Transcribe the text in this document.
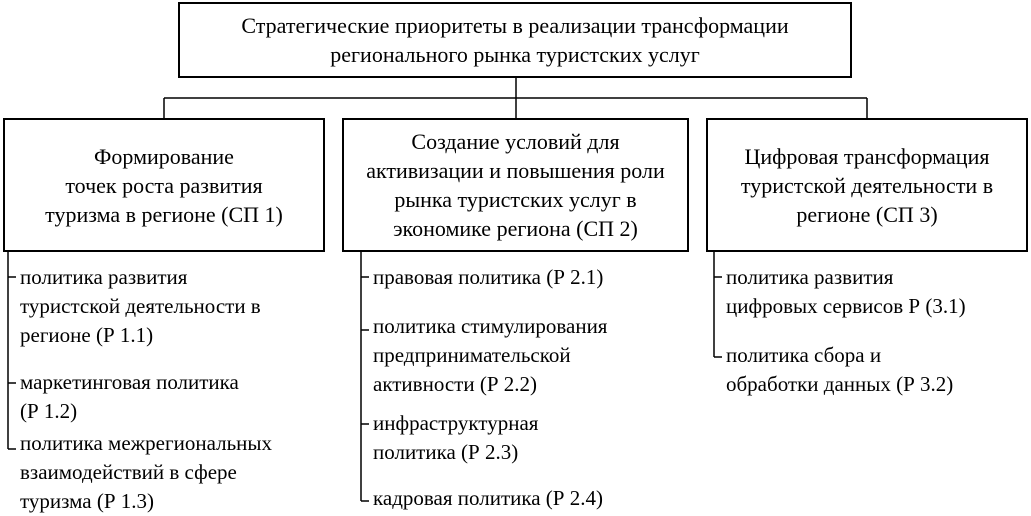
Стратегические приоритеты в реализации трансформации
регионального рынка туристских услуг
Формирование
точек роста развития
туризма в регионе (СП 1)
Создание условий для
активизации и повышения роли
рынка туристских услуг в
экономике региона (СП 2)
Цифровая трансформация
туристской деятельности в
регионе (СП 3)
политика развития
туристской деятельности в
регионе (Р 1.1)
маркетинговая политика
(Р 1.2)
политика межрегиональных
взаимодействий в сфере
туризма (Р 1.3)
правовая политика (Р 2.1)
политика стимулирования
предпринимательской
активности (Р 2.2)
инфраструктурная
политика (Р 2.3)
кадровая политика (Р 2.4)
политика развития
цифровых сервисов Р (3.1)
политика сбора и
обработки данных (Р 3.2)
